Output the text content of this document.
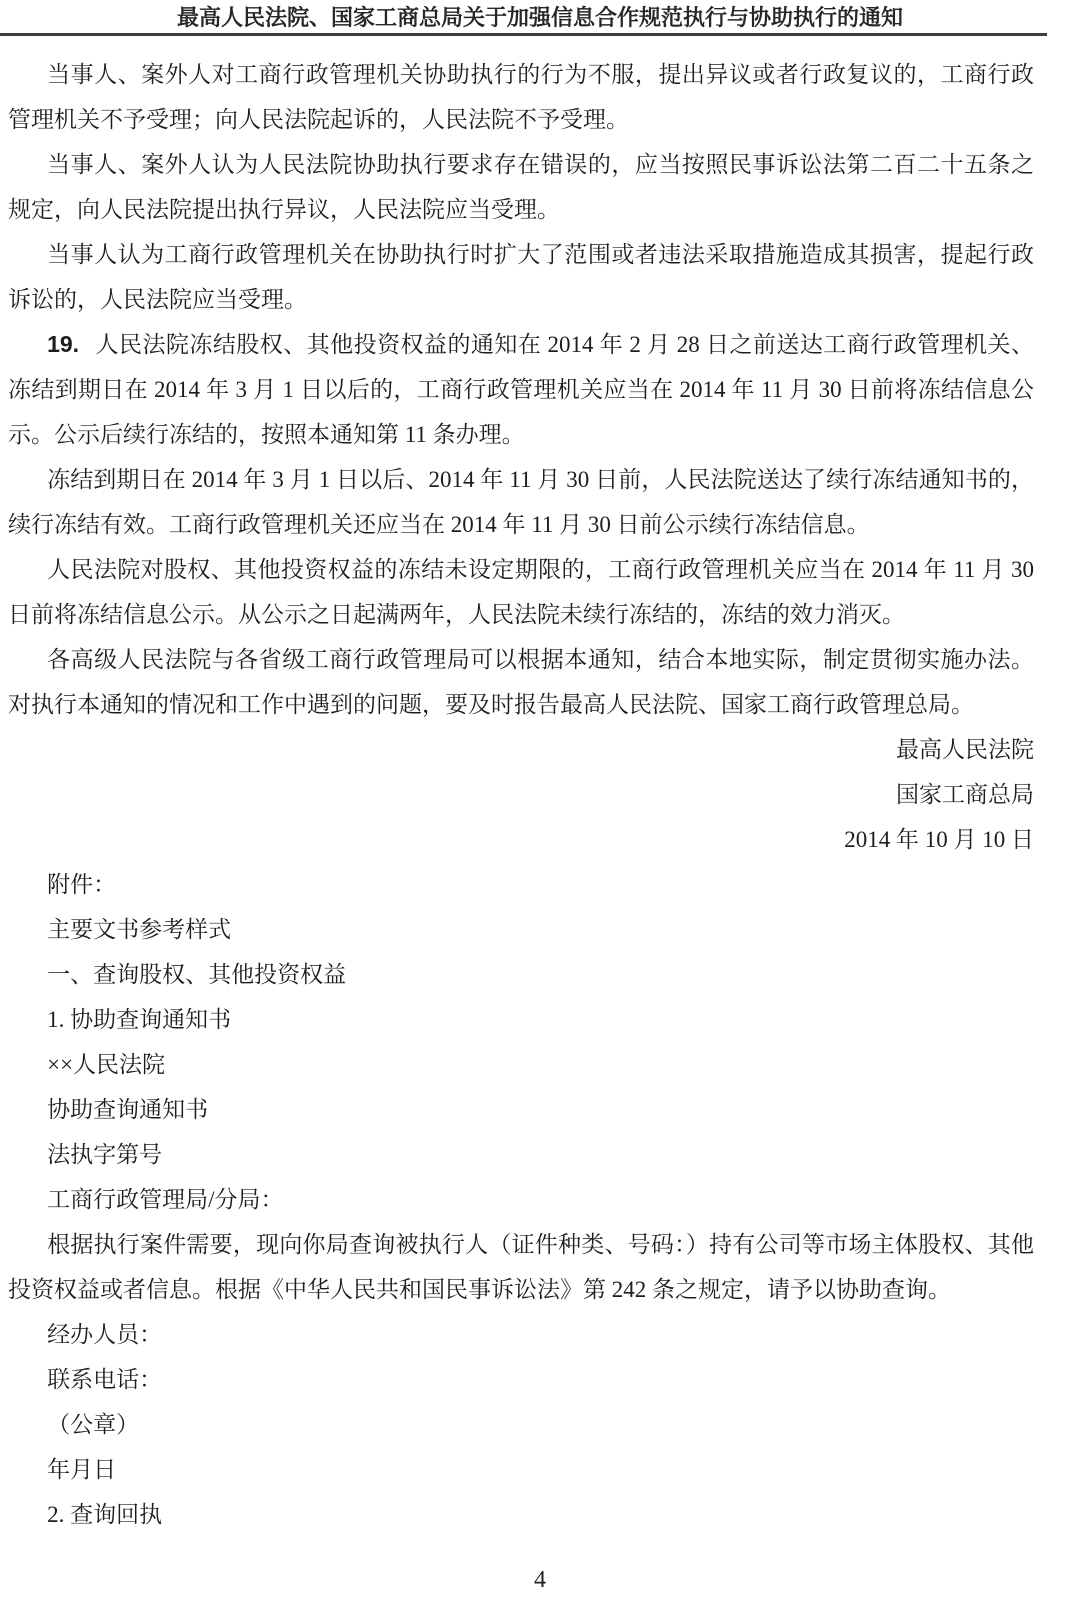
最高人民法院、国家工商总局关于加强信息合作规范执行与协助执行的通知

当事人、案外人对工商行政管理机关协助执行的行为不服，提出异议或者行政复议的，工商行政管理机关不予受理；向人民法院起诉的，人民法院不予受理。

当事人、案外人认为人民法院协助执行要求存在错误的，应当按照民事诉讼法第二百二十五条之规定，向人民法院提出执行异议，人民法院应当受理。

当事人认为工商行政管理机关在协助执行时扩大了范围或者违法采取措施造成其损害，提起行政诉讼的，人民法院应当受理。

19. 人民法院冻结股权、其他投资权益的通知在 2014 年 2 月 28 日之前送达工商行政管理机关、冻结到期日在 2014 年 3 月 1 日以后的，工商行政管理机关应当在 2014 年 11 月 30 日前将冻结信息公示。公示后续行冻结的，按照本通知第 11 条办理。

冻结到期日在 2014 年 3 月 1 日以后、2014 年 11 月 30 日前，人民法院送达了续行冻结通知书的，续行冻结有效。工商行政管理机关还应当在 2014 年 11 月 30 日前公示续行冻结信息。

人民法院对股权、其他投资权益的冻结未设定期限的，工商行政管理机关应当在 2014 年 11 月 30 日前将冻结信息公示。从公示之日起满两年，人民法院未续行冻结的，冻结的效力消灭。

各高级人民法院与各省级工商行政管理局可以根据本通知，结合本地实际，制定贯彻实施办法。对执行本通知的情况和工作中遇到的问题，要及时报告最高人民法院、国家工商行政管理总局。

最高人民法院

国家工商总局

2014 年 10 月 10 日

附件：

主要文书参考样式

一、查询股权、其他投资权益

1. 协助查询通知书

××人民法院

协助查询通知书

法执字第号

工商行政管理局/分局：

根据执行案件需要，现向你局查询被执行人（证件种类、号码：）持有公司等市场主体股权、其他投资权益或者信息。根据《中华人民共和国民事诉讼法》第 242 条之规定，请予以协助查询。

经办人员：

联系电话：

（公章）

年月日

2. 查询回执

4
